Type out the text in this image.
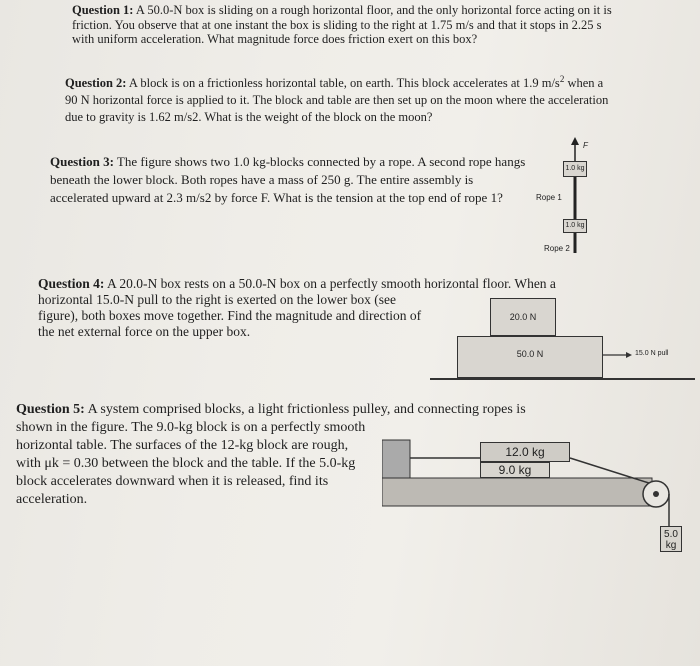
Question 1: A 50.0-N box is sliding on a rough horizontal floor, and the only horizontal force acting on it is friction. You observe that at one instant the box is sliding to the right at 1.75 m/s and that it stops in 2.25 s with uniform acceleration. What magnitude force does friction exert on this box?
Question 2: A block is on a frictionless horizontal table, on earth. This block accelerates at 1.9 $m/s^2$ when a 90 N horizontal force is applied to it. The block and table are then set up on the moon where the acceleration due to gravity is 1.62 m/s2. What is the weight of the block on the moon?
Question 3: The figure shows two 1.0 kg-blocks connected by a rope. A second rope hangs beneath the lower block. Both ropes have a mass of 250 g. The entire assembly is accelerated upward at 2.3 m/s2 by force F. What is the tension at the top end of rope 1?
F
1.0 kg
Rope 1
1.0 kg
Rope 2
Question 4: A 20.0-N box rests on a 50.0-N box on a perfectly smooth horizontal floor. When a
horizontal 15.0-N pull to the right is exerted on the lower box (see figure), both boxes move together. Find the magnitude and direction of the net external force on the upper box.
20.0 N
50.0 N	15.0 N pull
Question 5: A system comprised blocks, a light frictionless pulley, and connecting ropes is
shown in the figure. The 9.0-kg block is on a perfectly smooth horizontal table. The surfaces of the 12-kg block are rough, with μk = 0.30 between the block and the table. If the 5.0-kg block accelerates downward when it is released, find its acceleration.
12.0 kg
9.0 kg
5.0 kg
